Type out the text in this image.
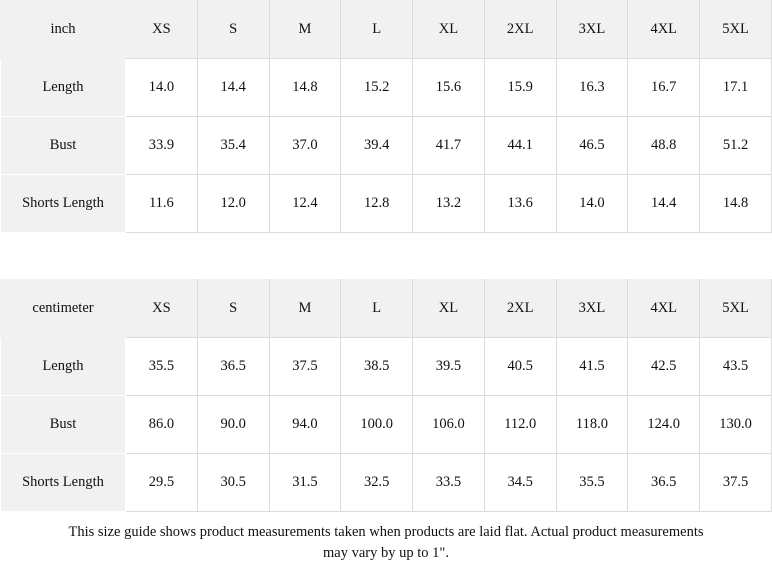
inch	XS	S	M	L	XL	2XL	3XL	4XL	5XL
Length	14.0	14.4	14.8	15.2	15.6	15.9	16.3	16.7	17.1
Bust	33.9	35.4	37.0	39.4	41.7	44.1	46.5	48.8	51.2
Shorts Length	11.6	12.0	12.4	12.8	13.2	13.6	14.0	14.4	14.8
centimeter	XS	S	M	L	XL	2XL	3XL	4XL	5XL
Length	35.5	36.5	37.5	38.5	39.5	40.5	41.5	42.5	43.5
Bust	86.0	90.0	94.0	100.0	106.0	112.0	118.0	124.0	130.0
Shorts Length	29.5	30.5	31.5	32.5	33.5	34.5	35.5	36.5	37.5

This size guide shows product measurements taken when products are laid flat. Actual product measurements
may vary by up to 1".
